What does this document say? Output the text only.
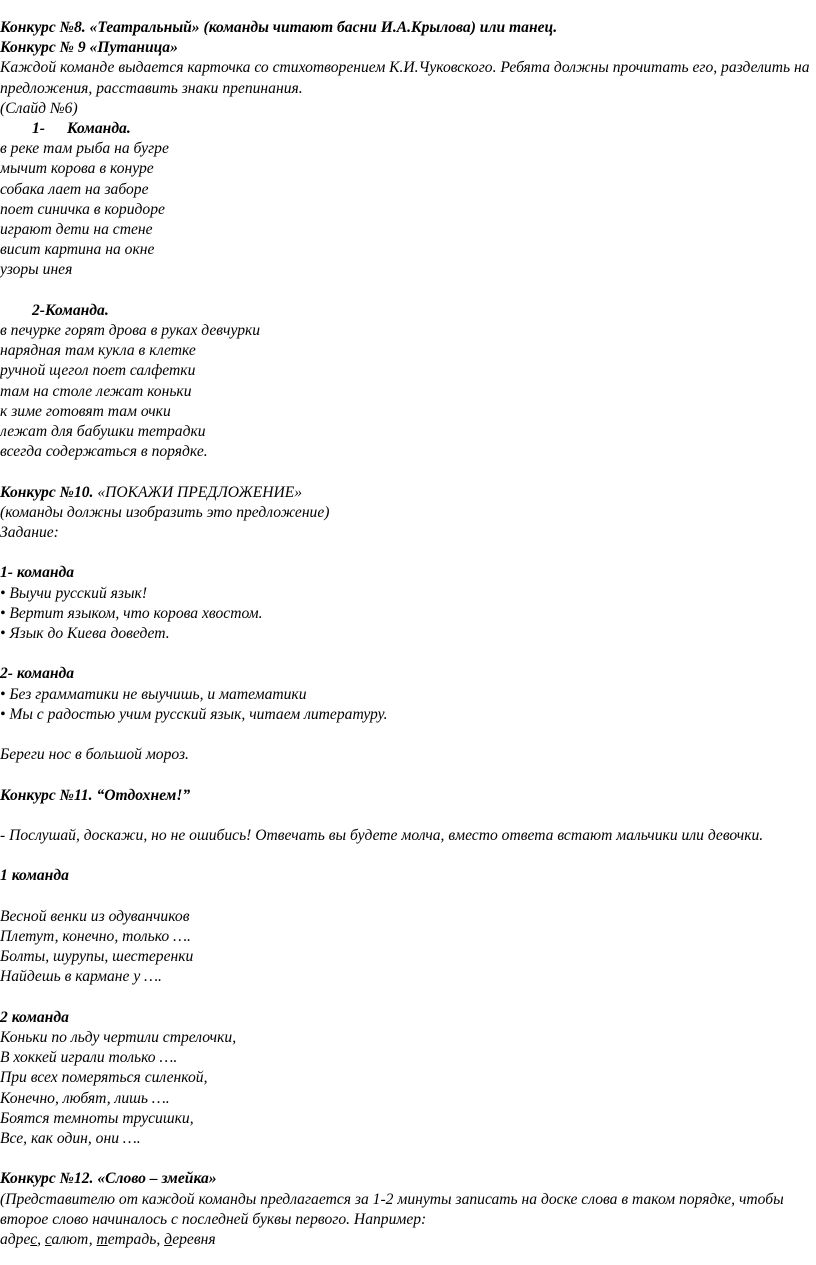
Конкурс №8. «Театральный» (команды читают басни И.А.Крылова) или танец.
Конкурс № 9 «Путаница»
Каждой команде выдается карточка со стихотворением К.И.Чуковского. Ребята должны прочитать его, разделить на предложения, расставить знаки препинания.
(Слайд №6)
1- Команда.
в реке там рыба на бугре
мычит корова в конуре
собака лает на заборе
поет синичка в коридоре
играют дети на стене
висит картина на окне
узоры инея
2-Команда.
в печурке горят дрова в руках девчурки
нарядная там кукла в клетке
ручной щегол поет салфетки
там на столе лежат коньки
к зиме готовят там очки
лежат для бабушки тетрадки
всегда содержаться в порядке.
Конкурс №10. «ПОКАЖИ ПРЕДЛОЖЕНИЕ»
(команды должны изобразить это предложение)
Задание:
1- команда
• Выучи русский язык!
• Вертит языком, что корова хвостом.
• Язык до Киева доведет.
2- команда
• Без грамматики не выучишь, и математики
• Мы с радостью учим русский язык, читаем литературу.
Береги нос в большой мороз.
Конкурс №11. “Отдохнем!”
- Послушай, доскажи, но не ошибись! Отвечать вы будете молча, вместо ответа встают мальчики или девочки.
1 команда
Весной венки из одуванчиков
Плетут, конечно, только ….
Болты, шурупы, шестеренки
Найдешь в кармане у ….
2 команда
Коньки по льду чертили стрелочки,
В хоккей играли только ….
При всех померяться силенкой,
Конечно, любят, лишь ….
Боятся темноты трусишки,
Все, как один, они ….
Конкурс №12. «Слово – змейка»
(Представителю от каждой команды предлагается за 1-2 минуты записать на доске слова в таком порядке, чтобы второе слово начиналось с последней буквы первого. Например:
адрес, салют, тетрадь, деревня
